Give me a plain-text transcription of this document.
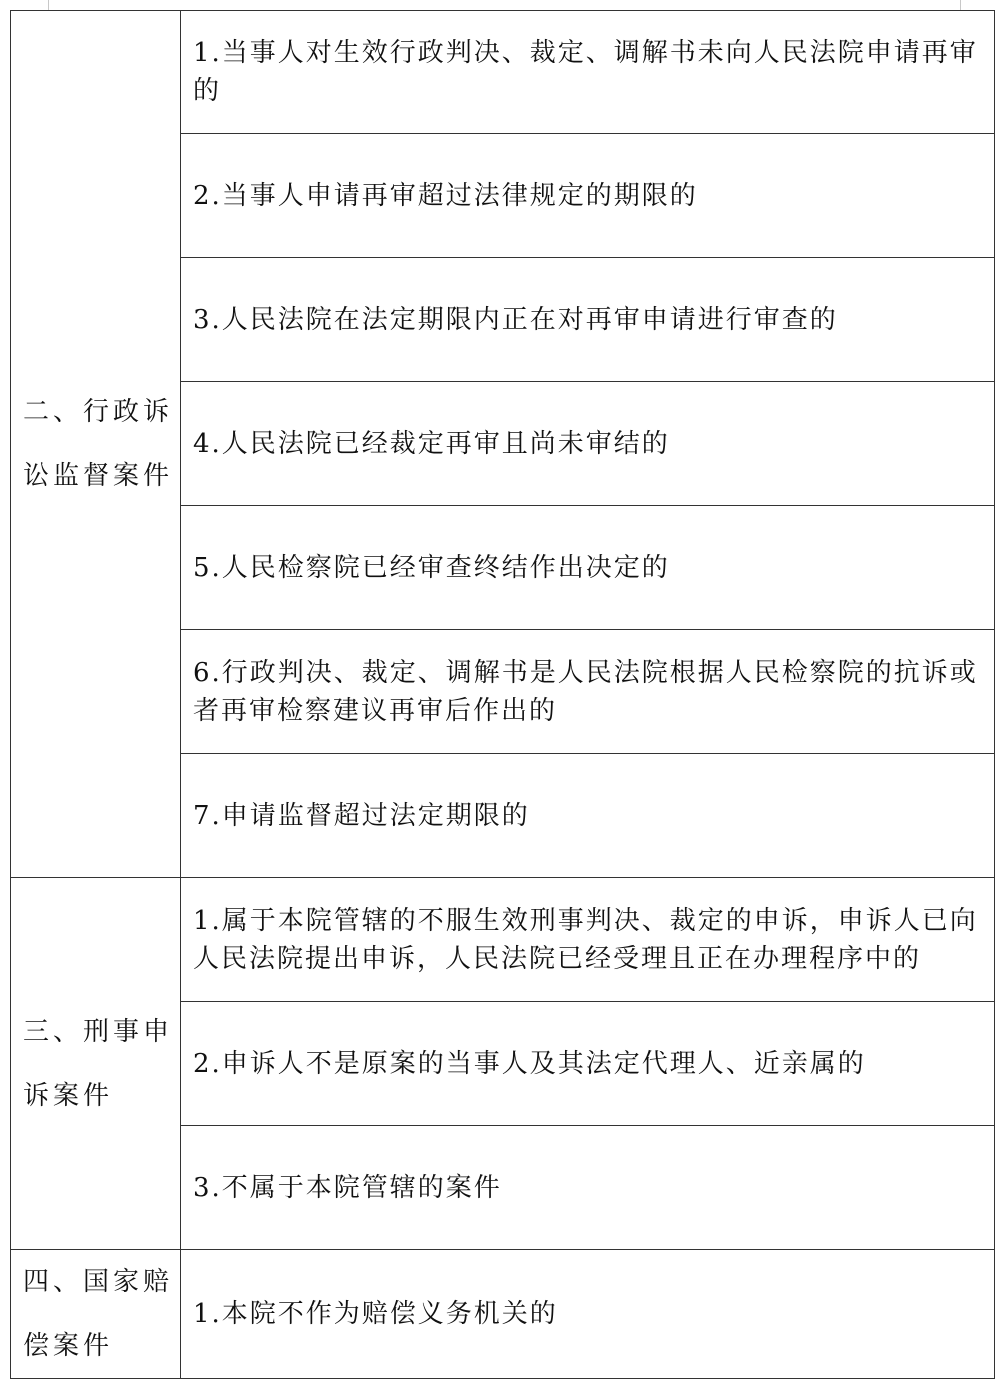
二、行政诉讼监督案件	1.当事人对生效行政判决、裁定、调解书未向人民法院申请再审的

	2.当事人申请再审超过法律规定的期限的

	3.人民法院在法定期限内正在对再审申请进行审查的

	4.人民法院已经裁定再审且尚未审结的

	5.人民检察院已经审查终结作出决定的

	6.行政判决、裁定、调解书是人民法院根据人民检察院的抗诉或者再审检察建议再审后作出的

	7.申请监督超过法定期限的

三、刑事申诉案件	1.属于本院管辖的不服生效刑事判决、裁定的申诉，申诉人已向人民法院提出申诉，人民法院已经受理且正在办理程序中的

	2.申诉人不是原案的当事人及其法定代理人、近亲属的

	3.不属于本院管辖的案件

四、国家赔偿案件	1.本院不作为赔偿义务机关的
